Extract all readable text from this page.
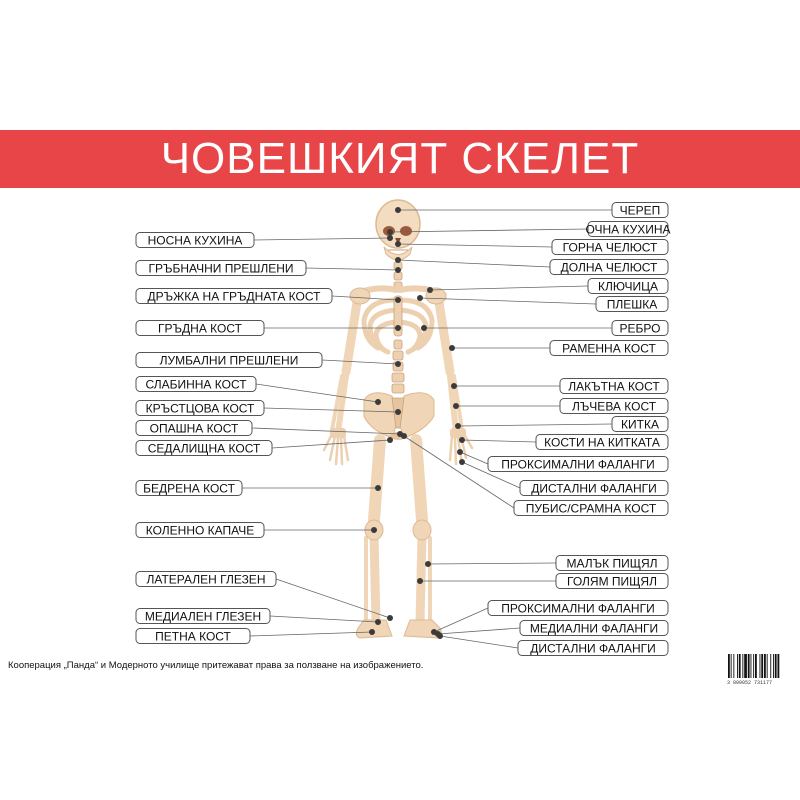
ЧОВЕШКИЯТ СКЕЛЕТ
НОСНА КУХИНА
ГРЪБНАЧНИ ПРЕШЛЕНИ
ДРЪЖКА НА ГРЪДНАТА КОСТ
ГРЪДНА КОСТ
ЛУМБАЛНИ ПРЕШЛЕНИ
СЛАБИННА КОСТ
КРЪСТЦОВА КОСТ
ОПАШНА КОСТ
СЕДАЛИЩНА КОСТ
БЕДРЕНА КОСТ
КОЛЕННО КАПАЧЕ
ЛАТЕРАЛЕН ГЛЕЗЕН
МЕДИАЛЕН ГЛЕЗЕН
ПЕТНА КОСТ
ЧЕРЕП
ОЧНА КУХИНА
ГОРНА ЧЕЛЮСТ
ДОЛНА ЧЕЛЮСТ
КЛЮЧИЦА
ПЛЕШКА
РЕБРО
РАМЕННА КОСТ
ЛАКЪТНА КОСТ
ЛЪЧЕВА КОСТ
КИТКА
КОСТИ НА КИТКАТА
ПРОКСИМАЛНИ ФАЛАНГИ
ДИСТАЛНИ ФАЛАНГИ
ПУБИС/СРАМНА КОСТ
МАЛЪК ПИЩЯЛ
ГОЛЯМ ПИЩЯЛ
ПРОКСИМАЛНИ ФАЛАНГИ
МЕДИАЛНИ ФАЛАНГИ
ДИСТАЛНИ ФАЛАНГИ
Кооперация „Панда“ и Модерното училище притежават права за ползване на изображението.
3 800052 731177
